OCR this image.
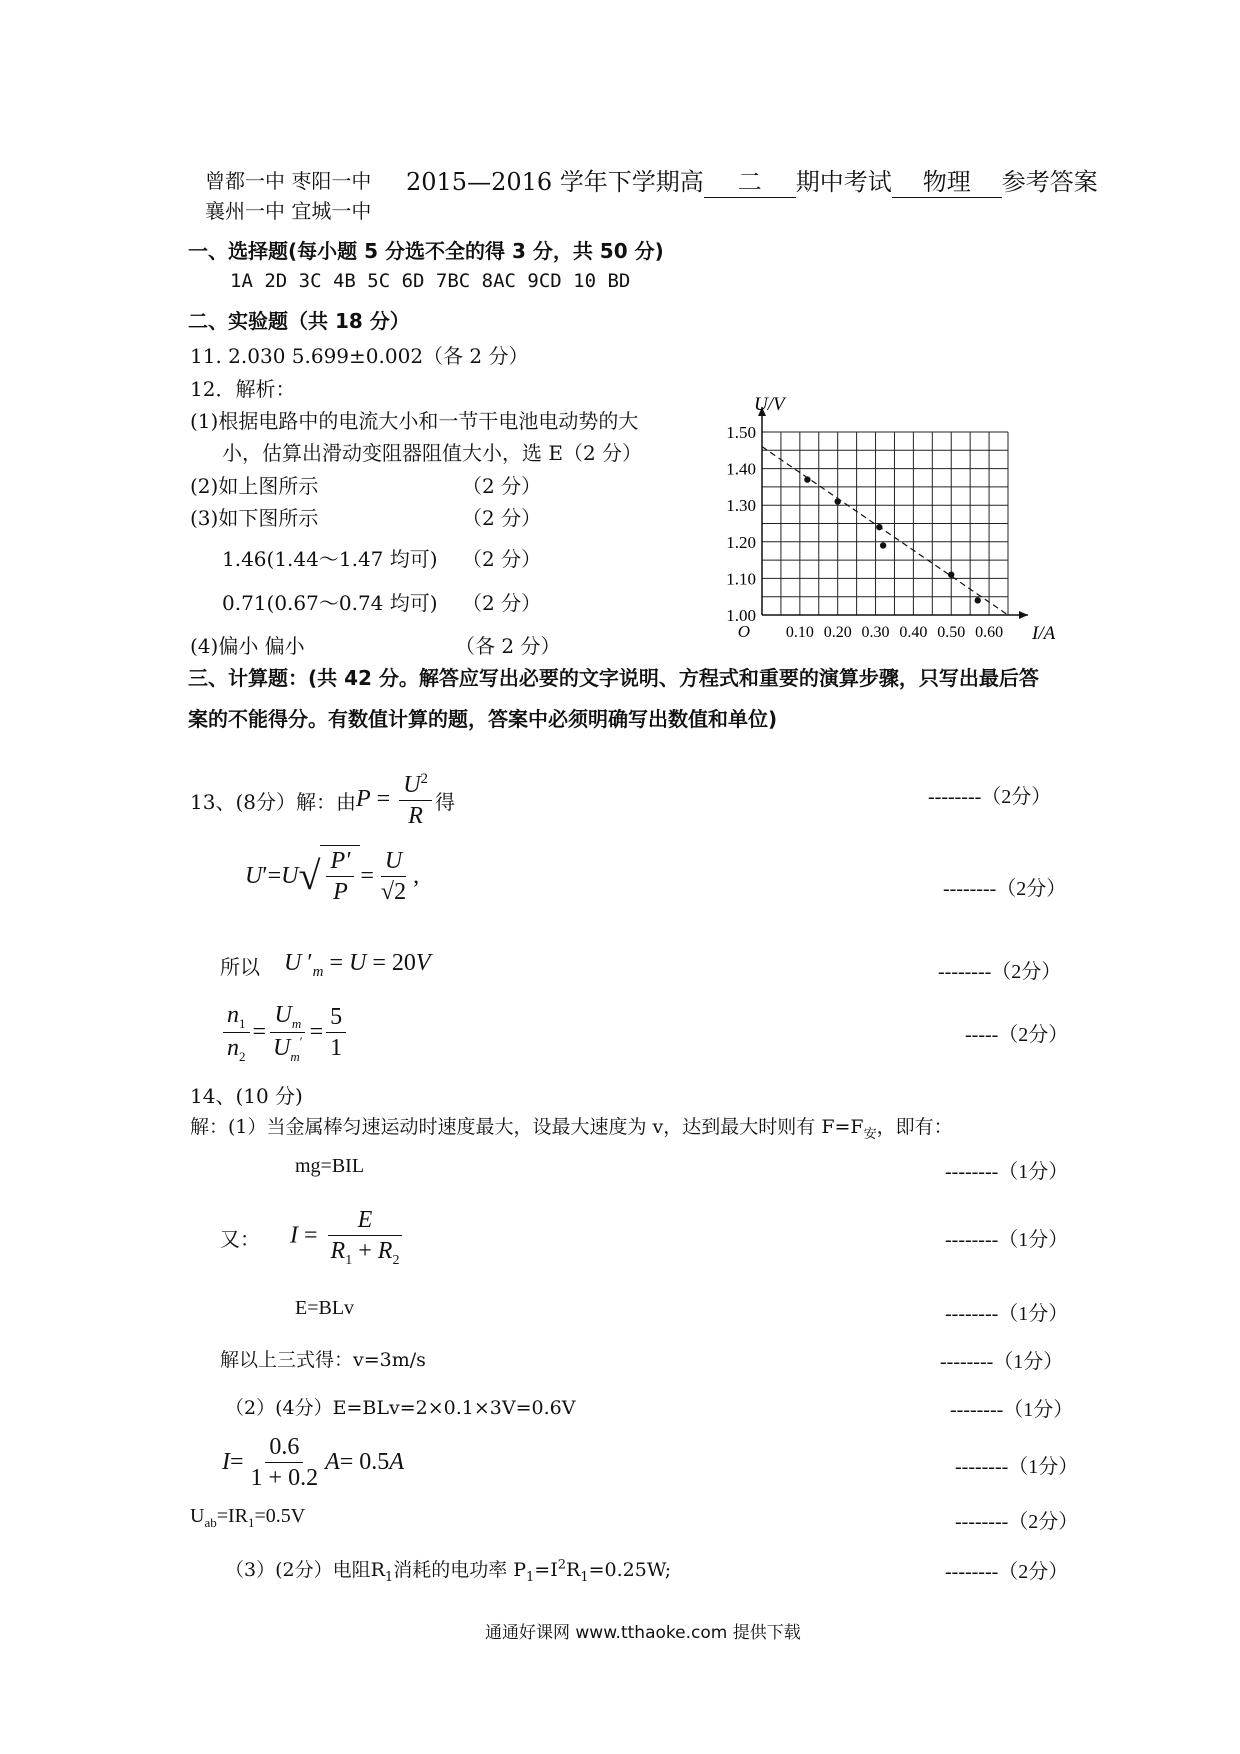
曾都一中 枣阳一中
襄州一中 宜城一中
2015—2016 学年下学期高 二 期中考试 物理 参考答案
一、选择题(每小题 5 分选不全的得 3 分，共 50 分)
1A 2D 3C 4B 5C 6D 7BC 8AC 9CD 10 BD
二、实验题（共 18 分）
11. 2.030 5.699±0.002（各 2 分）
12．解析：
(1)根据电路中的电流大小和一节干电池电动势的大
小，估算出滑动变阻器阻值大小，选 E（2 分）
(2)如上图所示	（2 分）
(3)如下图所示	（2 分）
1.46(1.44～1.47 均可) （2 分）
0.71(0.67～0.74 均可) （2 分）
(4)偏小 偏小	（各 2 分）
0.10 0.20 0.30 0.40 0.50 0.60
1.00
1.10
1.20
1.30
1.40
1.50
O	I/A
U/V
三、计算题：(共 42 分。解答应写出必要的文字说明、方程式和重要的演算步骤，只写出最后答
案的不能得分。有数值计算的题，答案中必须明确写出数值和单位)
13、(8分）解：由 $P = \frac{U^2}{R}$ 得	--------（2分）
U ′= U √ $\frac{P'}{P} = \frac{U}{√2}$ ,
--------（2分）
所以 U $'_m = U = 20V$	--------（2分）
$\frac{n_1}{n_2} = \frac{U_m}{U_m'} = \frac{5}{1}$	-----（2分）
14、(10 分)
解：(1）当金属棒匀速运动时速度最大，设最大速度为 v，达到最大时则有 $F=F_安$，即有：
mg=BIL	--------（1分）
又： $I = \frac{E}{R_1 + R_2}$	--------（1分）
E=BLv	--------（1分）
解以上三式得：v=3m/s	--------（1分）
（2）(4分）E=BLv=2×0.1×3V=0.6V	--------（1分）
$I = \frac{0.6}{1 + 0.2}$ A = 0.5 A	--------（1分）
$U_{ab}=IR_1=0.5V$	--------（2分）
（3）(2分）电阻$R_1$消耗的电功率 $P_1=I^2R_1=0.25W$;	--------（2分）
通通好课网 www.tthaoke.com 提供下载
